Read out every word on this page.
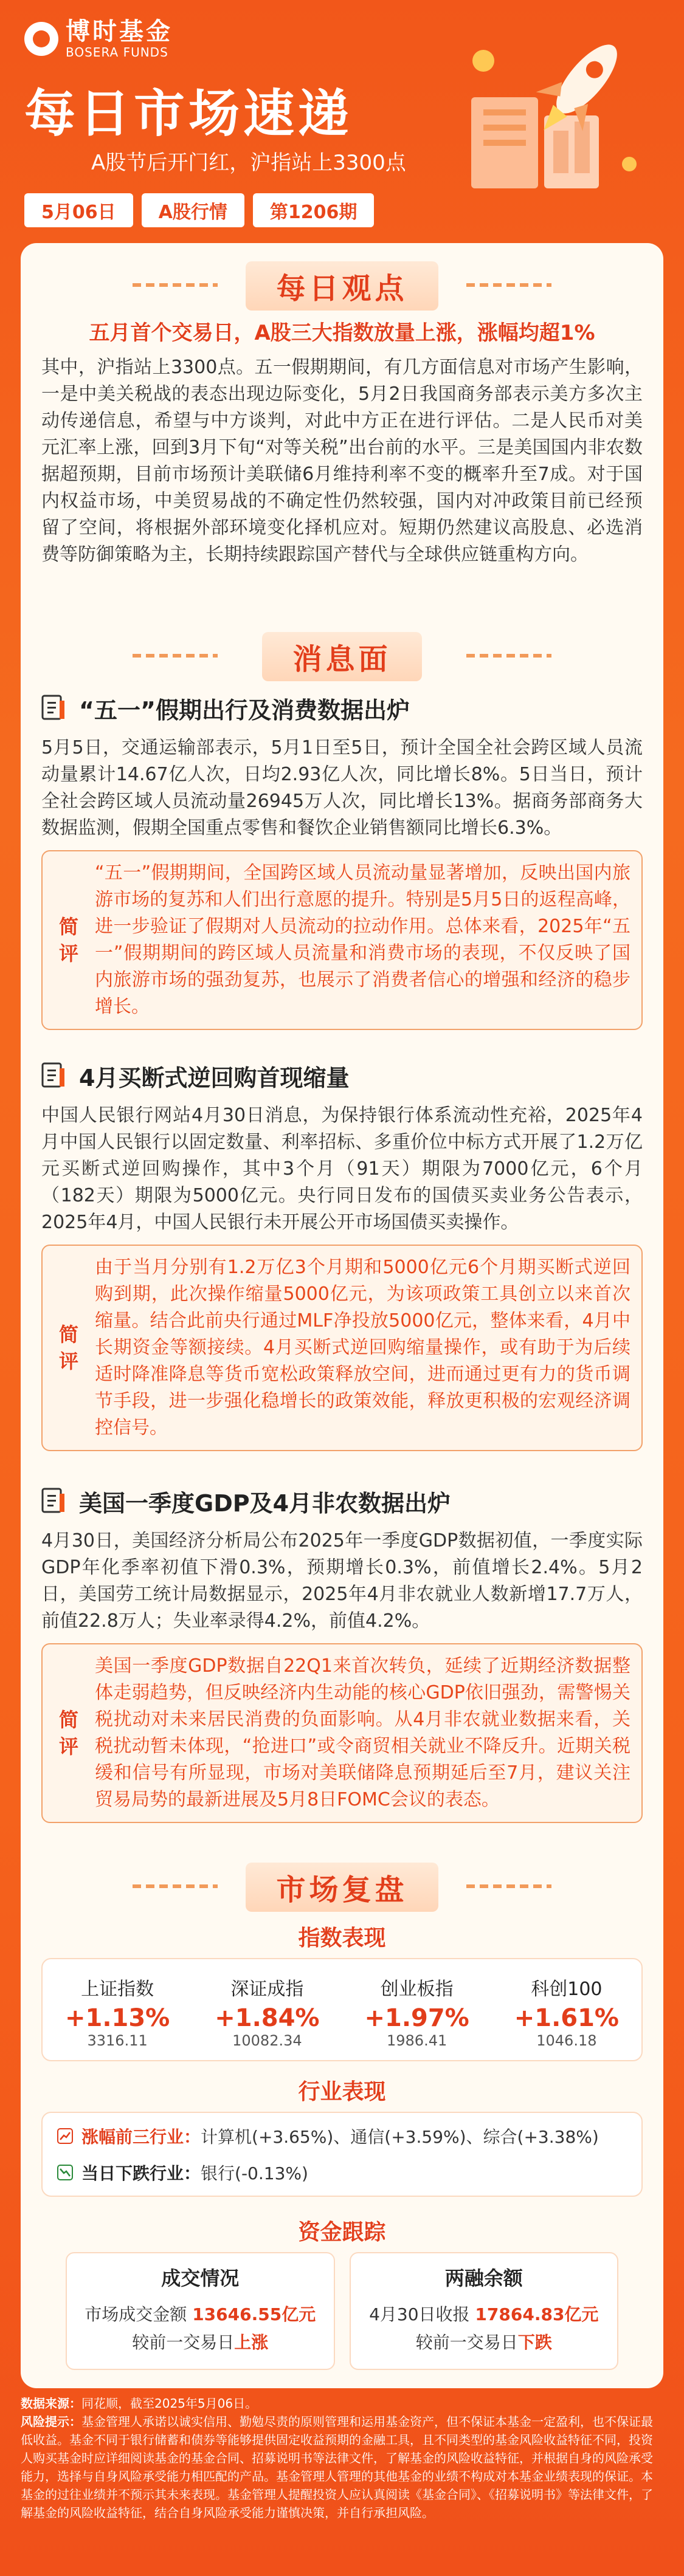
博时基金
BOSERA FUNDS
每日市场速递
A股节后开门红，沪指站上3300点
5月06日	A股行情	第1206期
每日观点
五月首个交易日，A股三大指数放量上涨，涨幅均超1%
其中，沪指站上3300点。五一假期期间，有几方面信息对市场产生影响，一是中美关税战的表态出现边际变化，5月2日我国商务部表示美方多次主动传递信息，希望与中方谈判，对此中方正在进行评估。二是人民币对美元汇率上涨，回到3月下旬“对等关税”出台前的水平。三是美国国内非农数据超预期，目前市场预计美联储6月维持利率不变的概率升至7成。对于国内权益市场，中美贸易战的不确定性仍然较强，国内对冲政策目前已经预留了空间，将根据外部环境变化择机应对。短期仍然建议高股息、必选消费等防御策略为主，长期持续跟踪国产替代与全球供应链重构方向。
消息面
“五一”假期出行及消费数据出炉
5月5日，交通运输部表示，5月1日至5日，预计全国全社会跨区域人员流动量累计14.67亿人次，日均2.93亿人次，同比增长8%。5日当日，预计全社会跨区域人员流动量26945万人次，同比增长13%。据商务部商务大数据监测，假期全国重点零售和餐饮企业销售额同比增长6.3%。
简评
“五一”假期期间，全国跨区域人员流动量显著增加，反映出国内旅游市场的复苏和人们出行意愿的提升。特别是5月5日的返程高峰，进一步验证了假期对人员流动的拉动作用。总体来看，2025年“五一”假期期间的跨区域人员流量和消费市场的表现，不仅反映了国内旅游市场的强劲复苏，也展示了消费者信心的增强和经济的稳步增长。
4月买断式逆回购首现缩量
中国人民银行网站4月30日消息，为保持银行体系流动性充裕，2025年4月中国人民银行以固定数量、利率招标、多重价位中标方式开展了1.2万亿元买断式逆回购操作，其中3个月（91天）期限为7000亿元，6个月（182天）期限为5000亿元。央行同日发布的国债买卖业务公告表示，2025年4月，中国人民银行未开展公开市场国债买卖操作。
简评
由于当月分别有1.2万亿3个月期和5000亿元6个月期买断式逆回购到期，此次操作缩量5000亿元，为该项政策工具创立以来首次缩量。结合此前央行通过MLF净投放5000亿元，整体来看，4月中长期资金等额接续。4月买断式逆回购缩量操作，或有助于为后续适时降准降息等货币宽松政策释放空间，进而通过更有力的货币调节手段，进一步强化稳增长的政策效能，释放更积极的宏观经济调控信号。
美国一季度GDP及4月非农数据出炉
4月30日，美国经济分析局公布2025年一季度GDP数据初值，一季度实际GDP年化季率初值下滑0.3%，预期增长0.3%，前值增长2.4%。5月2日，美国劳工统计局数据显示，2025年4月非农就业人数新增17.7万人，前值22.8万人；失业率录得4.2%，前值4.2%。
简评
美国一季度GDP数据自22Q1来首次转负，延续了近期经济数据整体走弱趋势，但反映经济内生动能的核心GDP依旧强劲，需警惕关税扰动对未来居民消费的负面影响。从4月非农就业数据来看，关税扰动暂未体现，“抢进口”或令商贸相关就业不降反升。近期关税缓和信号有所显现，市场对美联储降息预期延后至7月，建议关注贸易局势的最新进展及5月8日FOMC会议的表态。
市场复盘
指数表现
上证指数
+1.13%
3316.11
深证成指
+1.84%
10082.34
创业板指
+1.97%
1986.41
科创100
+1.61%
1046.18
行业表现
涨幅前三行业： 计算机(+3.65%)、通信(+3.59%)、综合(+3.38%)
当日下跌行业： 银行(-0.13%)
资金跟踪
成交情况
市场成交金额 13646.55亿元
较前一交易日上涨
两融余额
4月30日收报 17864.83亿元
较前一交易日下跌
数据来源：同花顺，截至2025年5月06日。
风险提示：基金管理人承诺以诚实信用、勤勉尽责的原则管理和运用基金资产，但不保证本基金一定盈利，也不保证最低收益。基金不同于银行储蓄和债券等能够提供固定收益预期的金融工具，且不同类型的基金风险收益特征不同，投资人购买基金时应详细阅读基金的基金合同、招募说明书等法律文件，了解基金的风险收益特征，并根据自身的风险承受能力，选择与自身风险承受能力相匹配的产品。基金管理人管理的其他基金的业绩不构成对本基金业绩表现的保证。本基金的过往业绩并不预示其未来表现。基金管理人提醒投资人应认真阅读《基金合同》、《招募说明书》等法律文件，了解基金的风险收益特征，结合自身风险承受能力谨慎决策，并自行承担风险。
